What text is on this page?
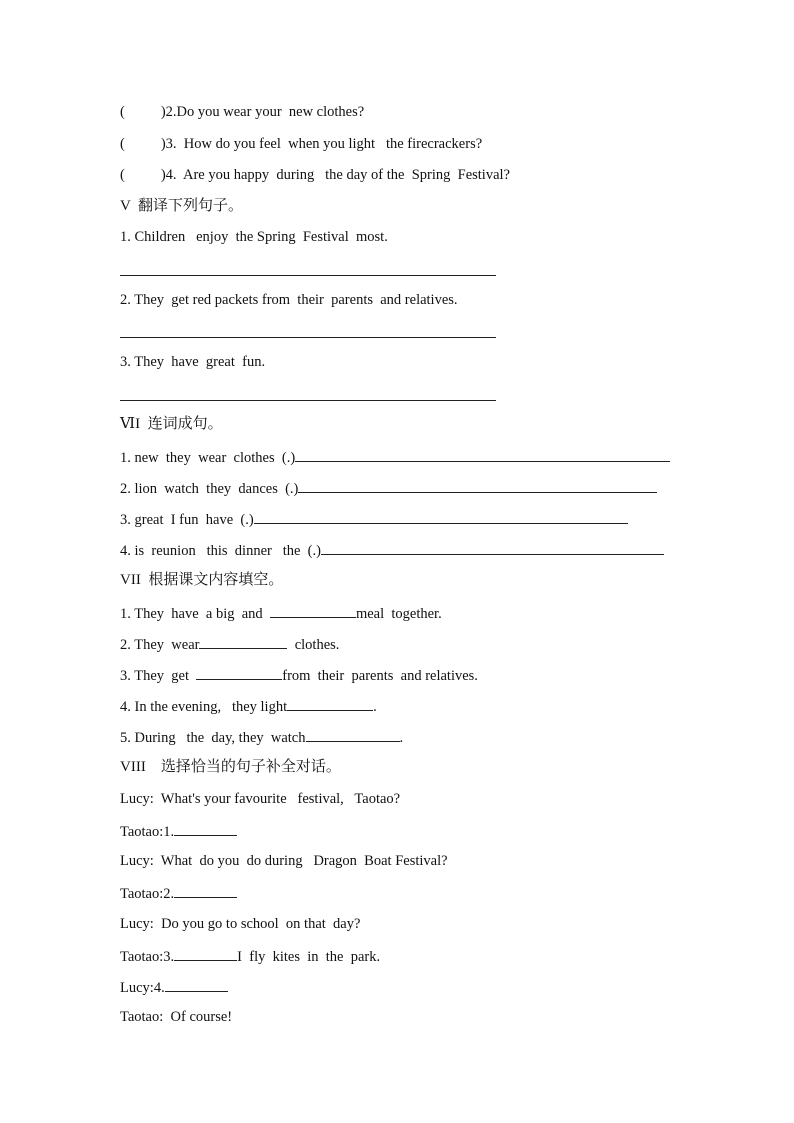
( )2.Do you wear your  new clothes?
( )3.  How do you feel  when you light   the firecrackers?
( )4.  Are you happy  during   the day of the  Spring  Festival?
V  翻译下列句子。
1. Children   enjoy  the Spring  Festival  most.
2. They  get red packets from  their  parents  and relatives.
3. They  have  great  fun.
ⅥI  连词成句。
1. new  they  wear  clothes  (.)
2. lion  watch  they  dances  (.)
3. great  I fun  have  (.)
4. is  reunion   this  dinner   the  (.)
VII  根据课文内容填空。
1. They  have  a big  and	meal  together.
2. They  wear	clothes.
3. They  get	from  their  parents  and relatives.
4. In the evening,   they light	.
5. During   the  day, they  watch	.
VIII    选择恰当的句子补全对话。
Lucy:  What's your favourite   festival,   Taotao?
Taotao:1.
Lucy:  What  do you  do during   Dragon  Boat Festival?
Taotao:2.
Lucy:  Do you go to school  on that  day?
Taotao:3.	I  fly  kites  in  the  park.
Lucy:4.
Taotao:  Of course!
